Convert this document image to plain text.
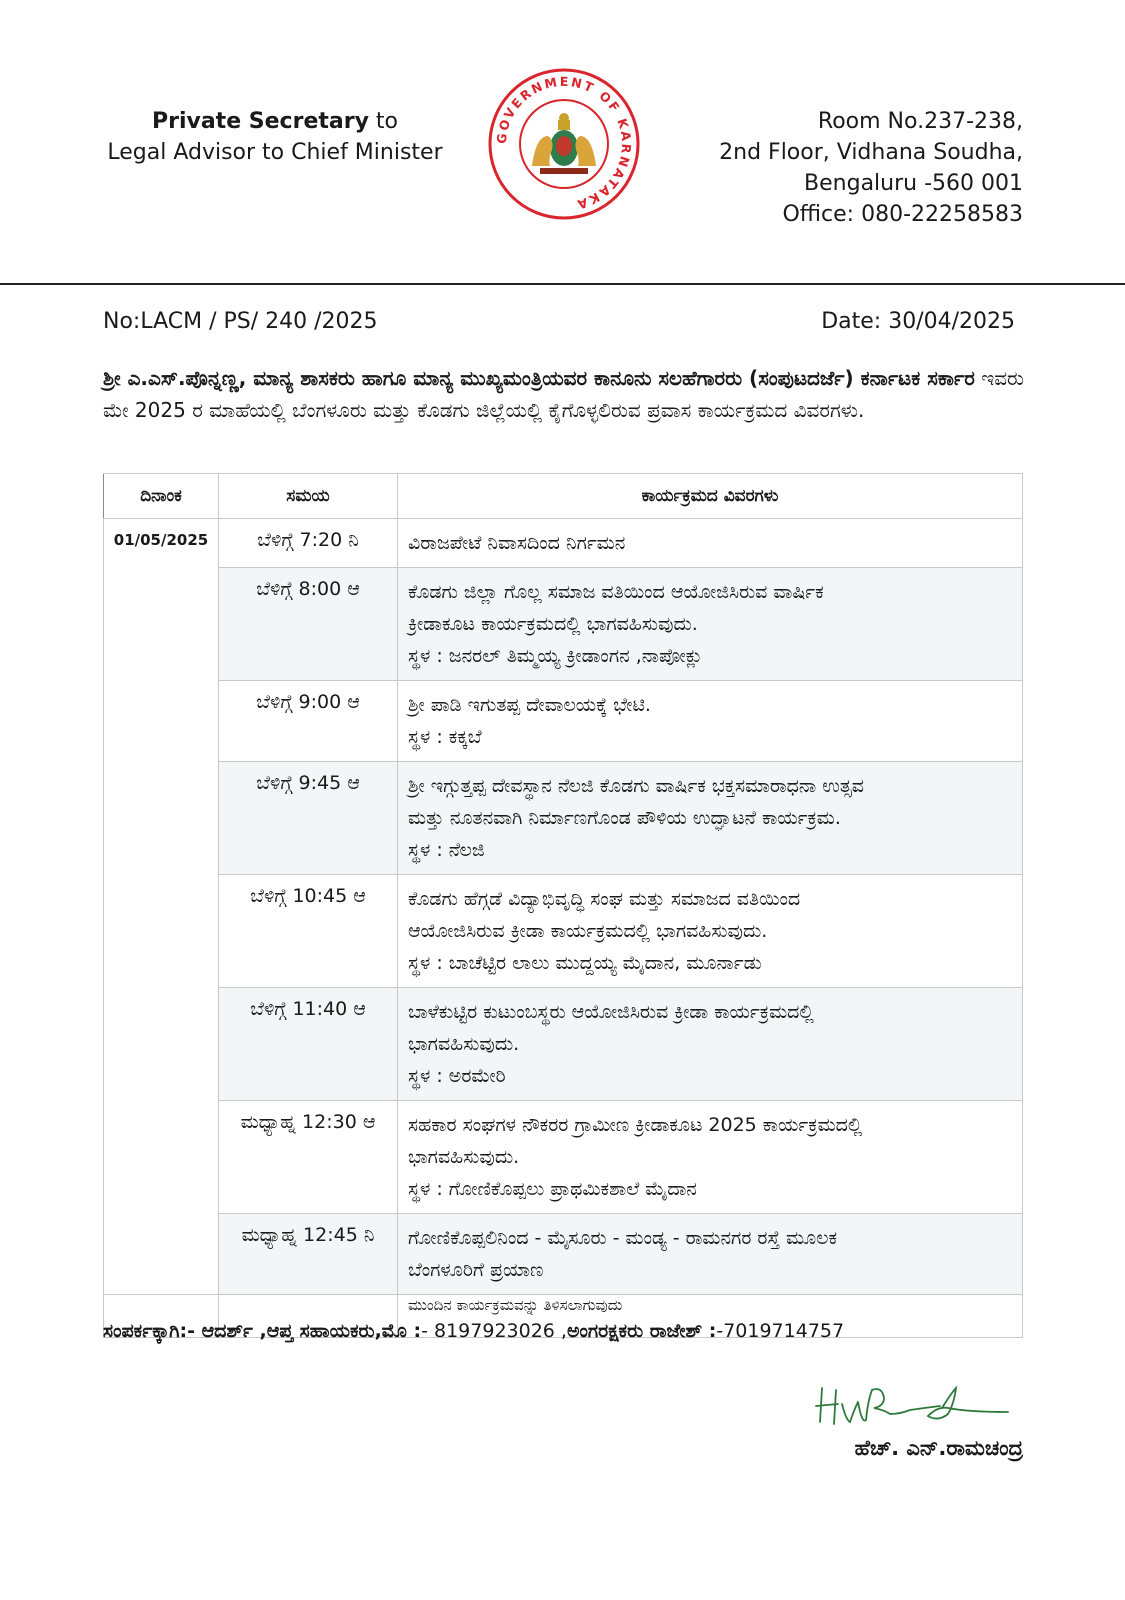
Private Secretary to
Legal Advisor to Chief Minister
GOVERNMENT OF KARNATAKA
Room No.237-238,
2nd Floor, Vidhana Soudha,
Bengaluru -560 001
Office: 080-22258583
No:LACM / PS/ 240 /2025	Date: 30/04/2025
ಶ್ರೀ ಎ.ಎಸ್.ಪೊನ್ನಣ್ಣ, ಮಾನ್ಯ ಶಾಸಕರು ಹಾಗೂ ಮಾನ್ಯ ಮುಖ್ಯಮಂತ್ರಿಯವರ ಕಾನೂನು ಸಲಹೆಗಾರರು (ಸಂಪುಟದರ್ಜೆ) ಕರ್ನಾಟಕ ಸರ್ಕಾರ ಇವರು ಮೇ 2025 ರ ಮಾಹೆಯಲ್ಲಿ ಬೆಂಗಳೂರು ಮತ್ತು ಕೊಡಗು ಜಿಲ್ಲೆಯಲ್ಲಿ ಕೈಗೊಳ್ಳಲಿರುವ ಪ್ರವಾಸ ಕಾರ್ಯಕ್ರಮದ ವಿವರಗಳು.
ದಿನಾಂಕ	ಸಮಯ	ಕಾರ್ಯಕ್ರಮದ ವಿವರಗಳು
01/05/2025	ಬೆಳಿಗ್ಗೆ 7:20 ನಿ	ವಿರಾಜಪೇಟೆ ನಿವಾಸದಿಂದ ನಿರ್ಗಮನ

	ಬೆಳಿಗ್ಗೆ 8:00 ಆ	ಕೊಡಗು ಜಿಲ್ಲಾ ಗೊಲ್ಲ ಸಮಾಜ ವತಿಯಿಂದ ಆಯೋಜಿಸಿರುವ ವಾರ್ಷಿಕ
ಕ್ರೀಡಾಕೂಟ ಕಾರ್ಯಕ್ರಮದಲ್ಲಿ ಭಾಗವಹಿಸುವುದು.
ಸ್ಥಳ : ಜನರಲ್ ತಿಮ್ಮಯ್ಯ ಕ್ರೀಡಾಂಗನ ,ನಾಪೋಕ್ಲು

	ಬೆಳಿಗ್ಗೆ 9:00 ಆ	ಶ್ರೀ ಪಾಡಿ ಇಗುತಪ್ಪ ದೇವಾಲಯಕ್ಕೆ ಭೇಟಿ.
ಸ್ಥಳ : ಕಕ್ಕಬೆ

	ಬೆಳಿಗ್ಗೆ 9:45 ಆ	ಶ್ರೀ ಇಗ್ಗುತ್ತಪ್ಪ ದೇವಸ್ಥಾನ ನೆಲಜಿ ಕೊಡಗು ವಾರ್ಷಿಕ ಭಕ್ತಸಮಾರಾಧನಾ ಉತ್ಸವ
ಮತ್ತು ನೂತನವಾಗಿ ನಿರ್ಮಾಣಗೊಂಡ ಪೌಳಿಯ ಉದ್ಘಾಟನೆ ಕಾರ್ಯಕ್ರಮ.
ಸ್ಥಳ : ನೆಲಜಿ

	ಬೆಳಿಗ್ಗೆ 10:45 ಆ	ಕೊಡಗು ಹೆಗ್ಗಡೆ ವಿದ್ಯಾಭಿವೃದ್ಧಿ ಸಂಘ ಮತ್ತು ಸಮಾಜದ ವತಿಯಿಂದ
ಆಯೋಜಿಸಿರುವ ಕ್ರೀಡಾ ಕಾರ್ಯಕ್ರಮದಲ್ಲಿ ಭಾಗವಹಿಸುವುದು.
ಸ್ಥಳ : ಬಾಚೆಟ್ಟಿರ ಲಾಲು ಮುದ್ದಯ್ಯ ಮೈದಾನ, ಮೂರ್ನಾಡು

	ಬೆಳಿಗ್ಗೆ 11:40 ಆ	ಬಾಳೆಕುಟ್ಟಿರ ಕುಟುಂಬಸ್ಥರು ಆಯೋಜಿಸಿರುವ ಕ್ರೀಡಾ ಕಾರ್ಯಕ್ರಮದಲ್ಲಿ
ಭಾಗವಹಿಸುವುದು.
ಸ್ಥಳ : ಅರಮೇರಿ

	ಮಧ್ಯಾಹ್ನ 12:30 ಆ	ಸಹಕಾರ ಸಂಘಗಳ ನೌಕರರ ಗ್ರಾಮೀಣ ಕ್ರೀಡಾಕೂಟ 2025 ಕಾರ್ಯಕ್ರಮದಲ್ಲಿ
ಭಾಗವಹಿಸುವುದು.
ಸ್ಥಳ : ಗೋಣಿಕೊಪ್ಪಲು ಪ್ರಾಥಮಿಕಶಾಲೆ ಮೈದಾನ

	ಮಧ್ಯಾಹ್ನ 12:45 ನಿ	ಗೋಣಿಕೊಪ್ಪಲಿನಿಂದ - ಮೈಸೂರು - ಮಂಡ್ಯ - ರಾಮನಗರ ರಸ್ತೆ ಮೂಲಕ
ಬೆಂಗಳೂರಿಗೆ ಪ್ರಯಾಣ

		ಮುಂದಿನ ಕಾರ್ಯಕ್ರಮವನ್ನು ತಿಳಿಸಲಾಗುವುದು
ಸಂಪರ್ಕಕ್ಕಾಗಿ:- ಆದರ್ಶ್ ,ಆಪ್ತ ಸಹಾಯಕರು,ಮೊ :- 8197923026 ,ಅಂಗರಕ್ಷಕರು ರಾಜೇಶ್ :-7019714757
ಹೆಚ್. ಎನ್.ರಾಮಚಂದ್ರ
